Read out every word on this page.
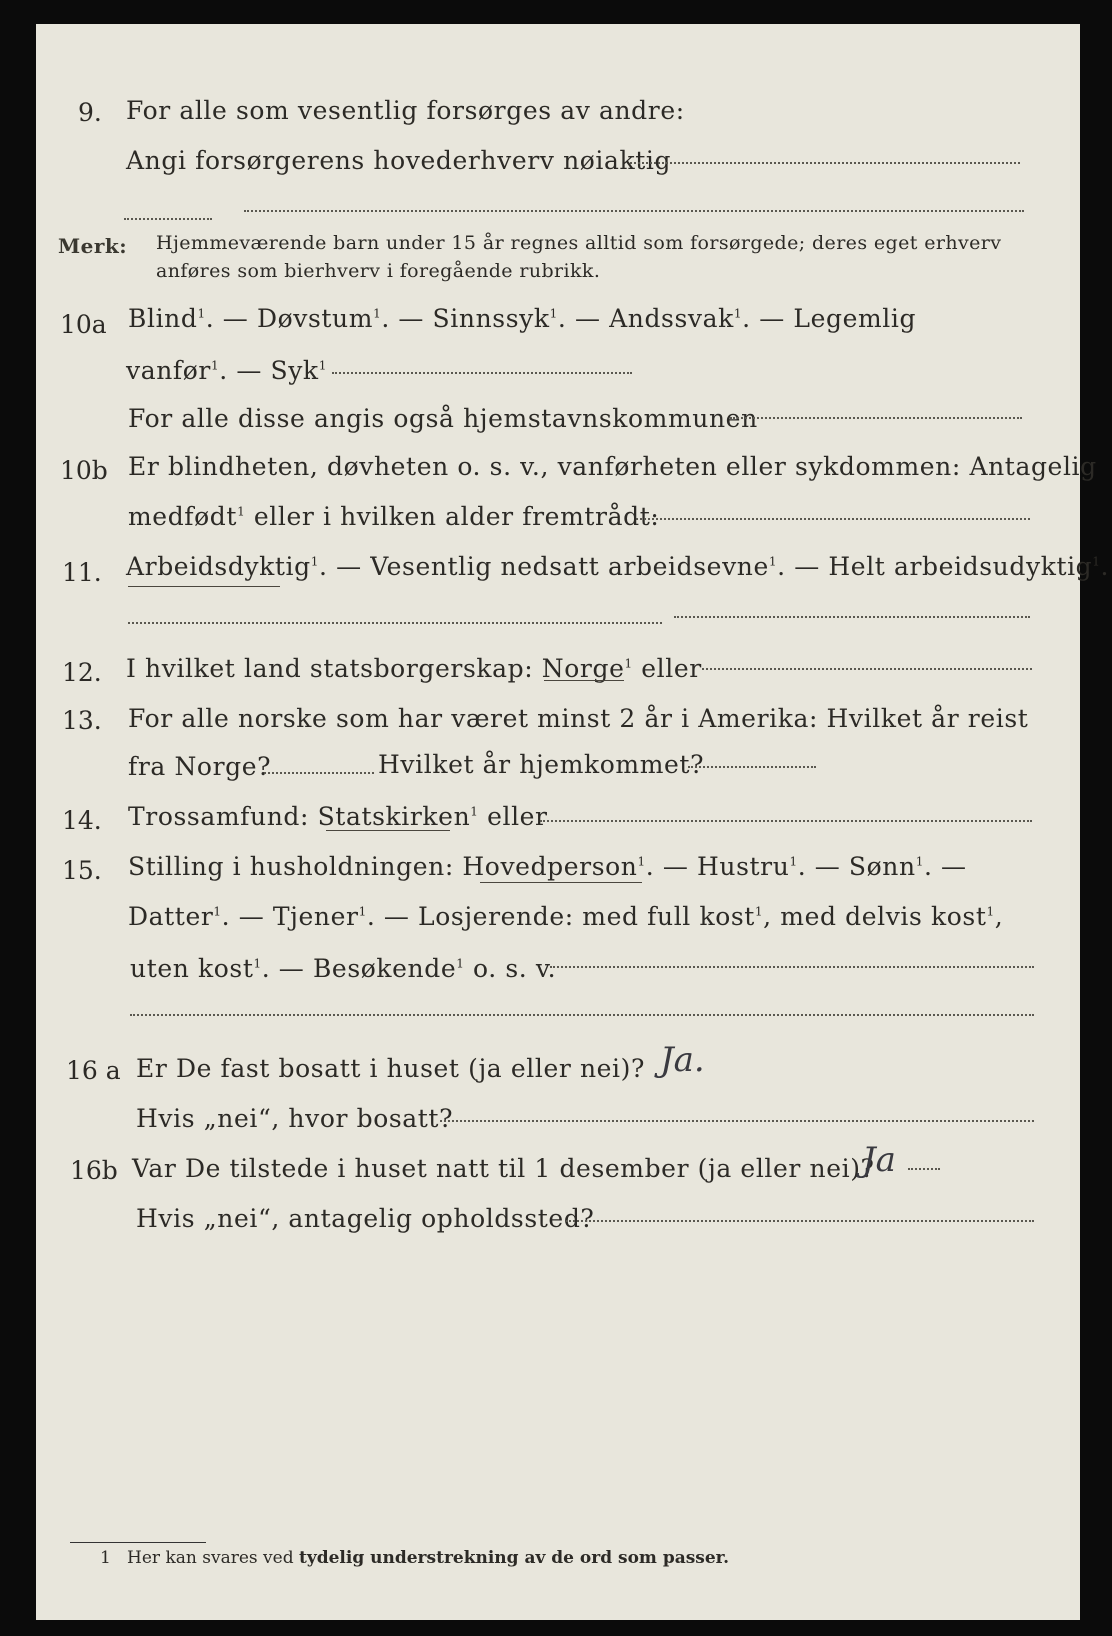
9. For alle som vesentlig forsørges av andre:
Angi forsørgerens hovederhverv nøiaktig
Merk: Hjemmeværende barn under 15 år regnes alltid som forsørgede; deres eget erhverv
anføres som bierhverv i foregående rubrikk.
10a Blind$^1$. — Døvstum$^1$. — Sinnssyk$^1$. — Andssvak$^1$. — Legemlig
vanfør$^1$. — Syk$^1$
For alle disse angis også hjemstavnskommunen
10b Er blindheten, døvheten o. s. v., vanførheten eller sykdommen: Antagelig
medfødt$^1$ eller i hvilken alder fremtrådt:
11. Arbeidsdyktig$^1$. — Vesentlig nedsatt arbeidsevne$^1$. — Helt arbeidsudyktig$^1$.
12. I hvilket land statsborgerskap: Norge$^1$ eller
13. For alle norske som har været minst 2 år i Amerika: Hvilket år reist
fra Norge?	Hvilket år hjemkommet?
14. Trossamfund: Statskirken$^1$ eller
15. Stilling i husholdningen: Hovedperson$^1$. — Hustru$^1$. — Sønn$^1$. —
Datter$^1$. — Tjener$^1$. — Losjerende: med full kost$^1$, med delvis kost$^1$,
uten kost$^1$. — Besøkende$^1$ o. s. v.
16 a Er De fast bosatt i huset (ja eller nei)? Ja.
Hvis „nei“, hvor bosatt?
16b Var De tilstede i huset natt til 1 desember (ja eller nei)?
Ja
Hvis „nei“, antagelig opholdssted?
1 Her kan svares ved tydelig understrekning av de ord som passer.
